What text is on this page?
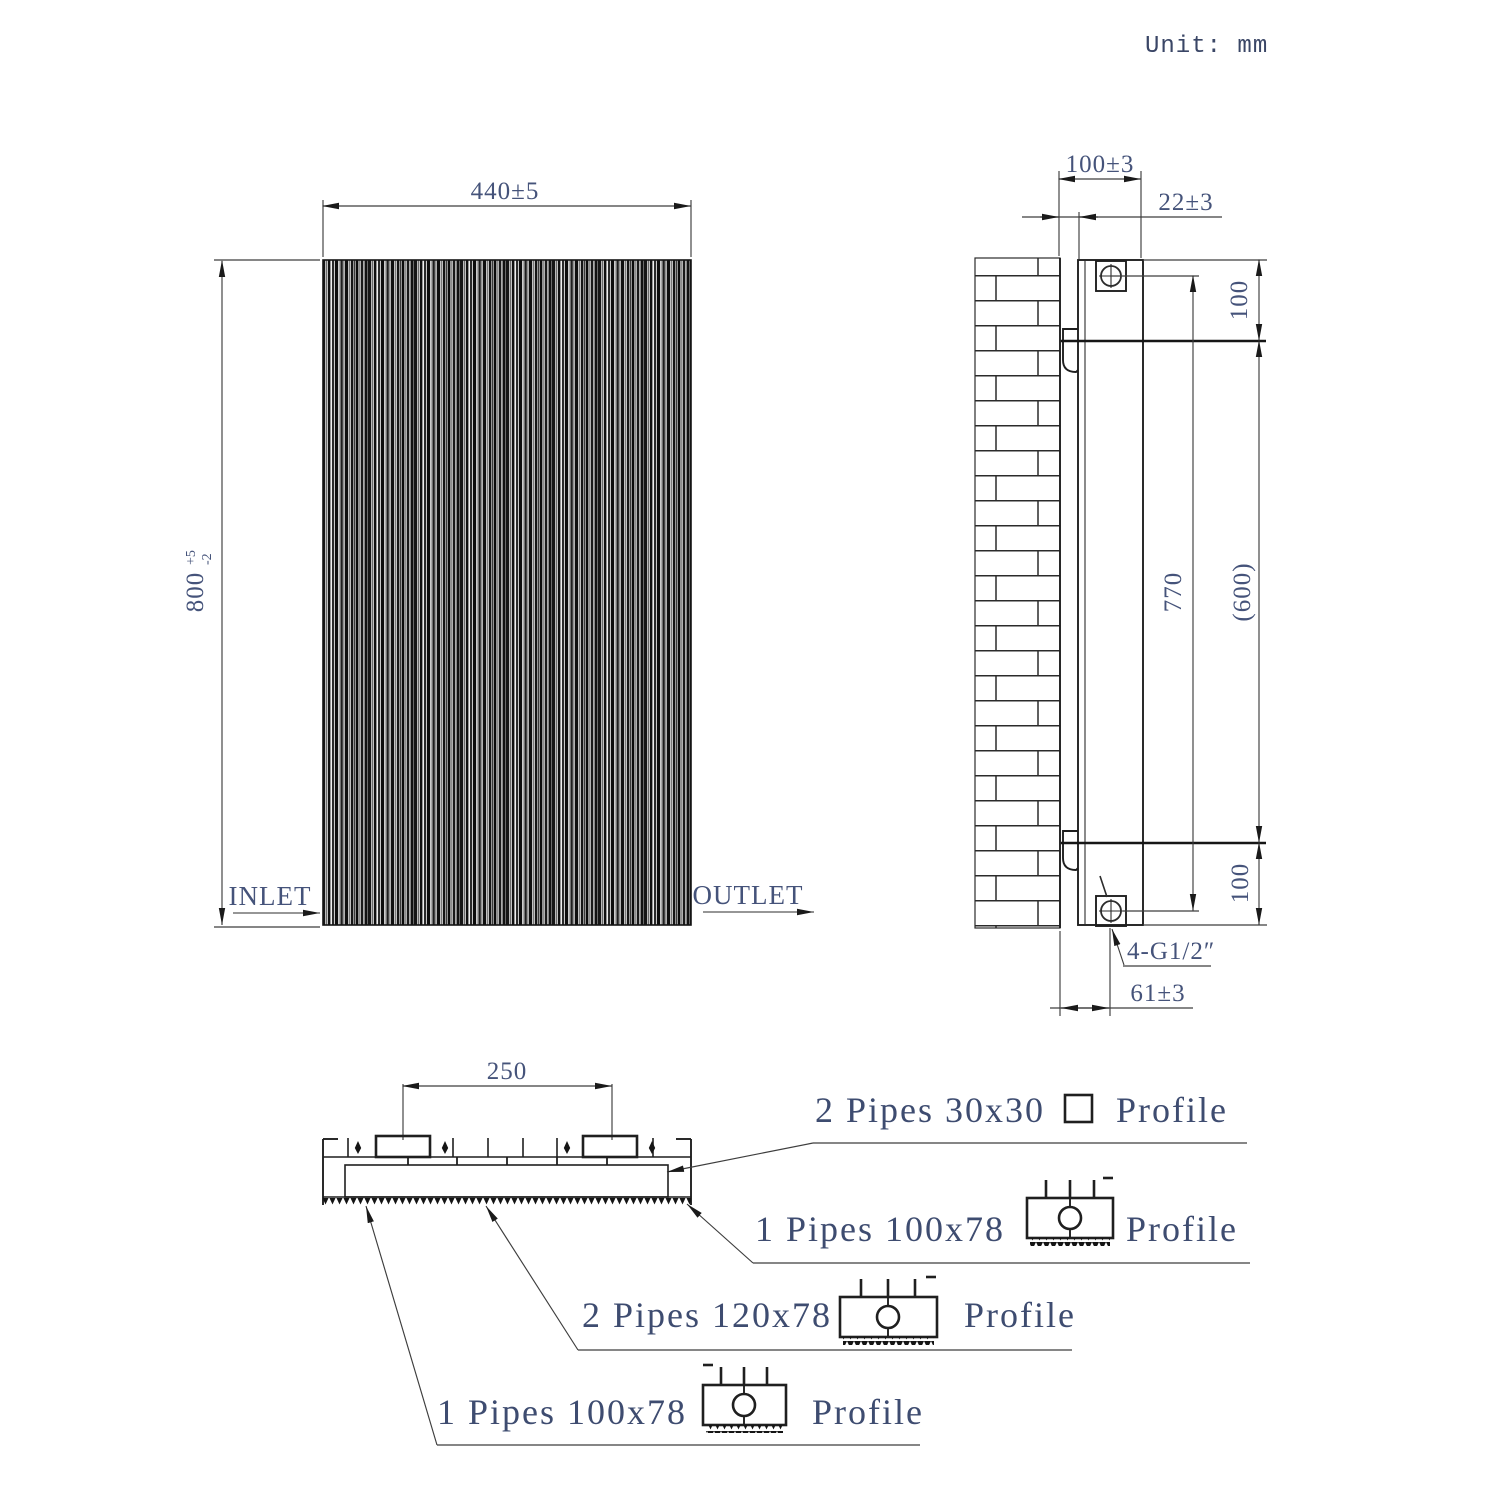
Unit: mm
440±5
800
+5 -2
INLET	OUTLET
100±3
22±3
100
(600)
100
770
4-G1/2″
61±3
250
2 Pipes 30x30 Profile
1 Pipes 100x78	Profile
2 Pipes 120x78	Profile
1 Pipes 100x78	Profile
